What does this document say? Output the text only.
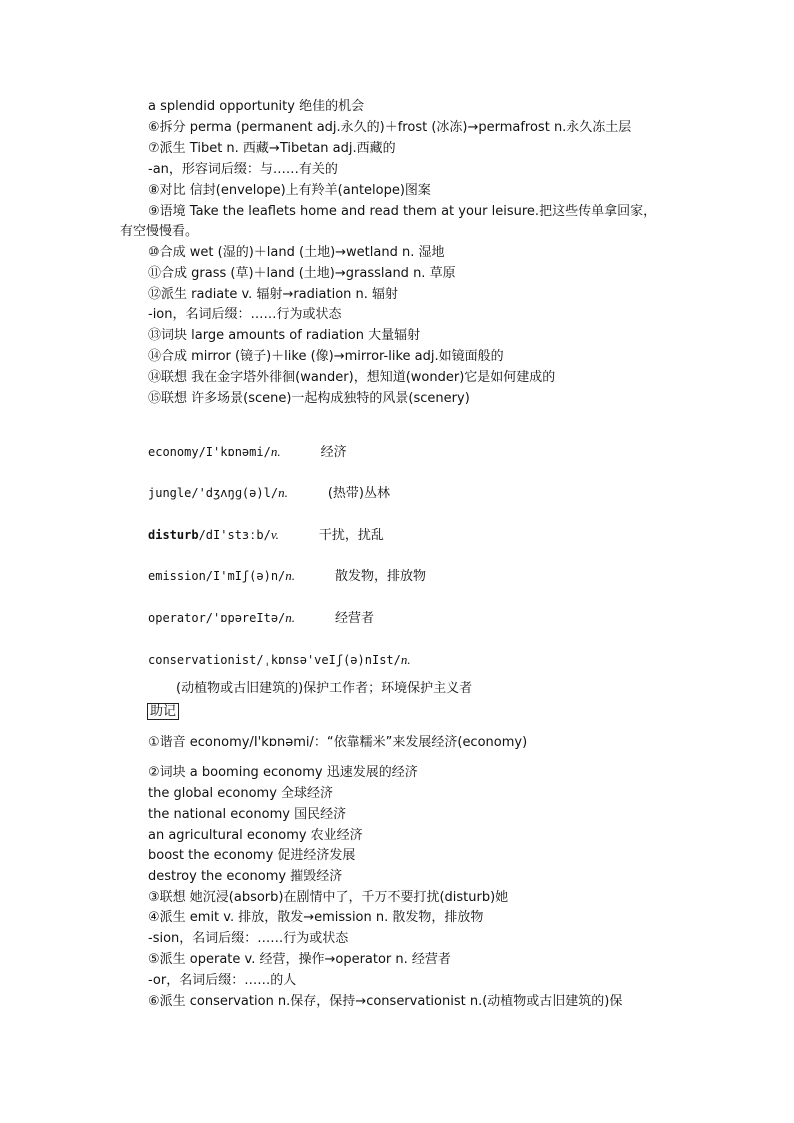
a splendid opportunity 绝佳的机会
⑥拆分 perma (permanent adj.永久的)＋frost (冰冻)→permafrost n.永久冻土层
⑦派生 Tibet n. 西藏→Tibetan adj.西藏的
-an，形容词后缀：与……有关的
⑧对比 信封(envelope)上有羚羊(antelope)图案
⑨语境 Take the leaflets home and read them at your leisure.把这些传单拿回家，
有空慢慢看。
⑩合成 wet (湿的)＋land (土地)→wetland n. 湿地
⑪合成 grass (草)＋land (土地)→grassland n. 草原
⑫派生 radiate v. 辐射→radiation n. 辐射
-ion，名词后缀：……行为或状态
⑬词块 large amounts of radiation 大量辐射
⑭合成 mirror (镜子)＋like (像)→mirror-like adj.如镜面般的
⑭联想 我在金字塔外徘徊(wander)，想知道(wonder)它是如何建成的
⑮联想 许多场景(scene)一起构成独特的风景(scenery)
economy/I'kɒnəmi/n.	经济
jungle/'dʒʌŋɡ(ə)l/n.	(热带)丛林
disturb/dI'stɜːb/v.	干扰，扰乱
emission/I'mIʃ(ə)n/n.	散发物，排放物
operator/'ɒpəreItə/n.	经营者
conservationist/ˌkɒnsə'veIʃ(ə)nIst/n.
(动植物或古旧建筑的)保护工作者；环境保护主义者
助记
①谐音 economy/I'kɒnəmi/：“依靠糯米”来发展经济(economy)
②词块 a booming economy 迅速发展的经济
the global economy 全球经济
the national economy 国民经济
an agricultural economy 农业经济
boost the economy 促进经济发展
destroy the economy 摧毁经济
③联想 她沉浸(absorb)在剧情中了，千万不要打扰(disturb)她
④派生 emit v. 排放，散发→emission n. 散发物，排放物
-sion，名词后缀：……行为或状态
⑤派生 operate v. 经营，操作→operator n. 经营者
-or，名词后缀：……的人
⑥派生 conservation n.保存，保持→conservationist n.(动植物或古旧建筑的)保
